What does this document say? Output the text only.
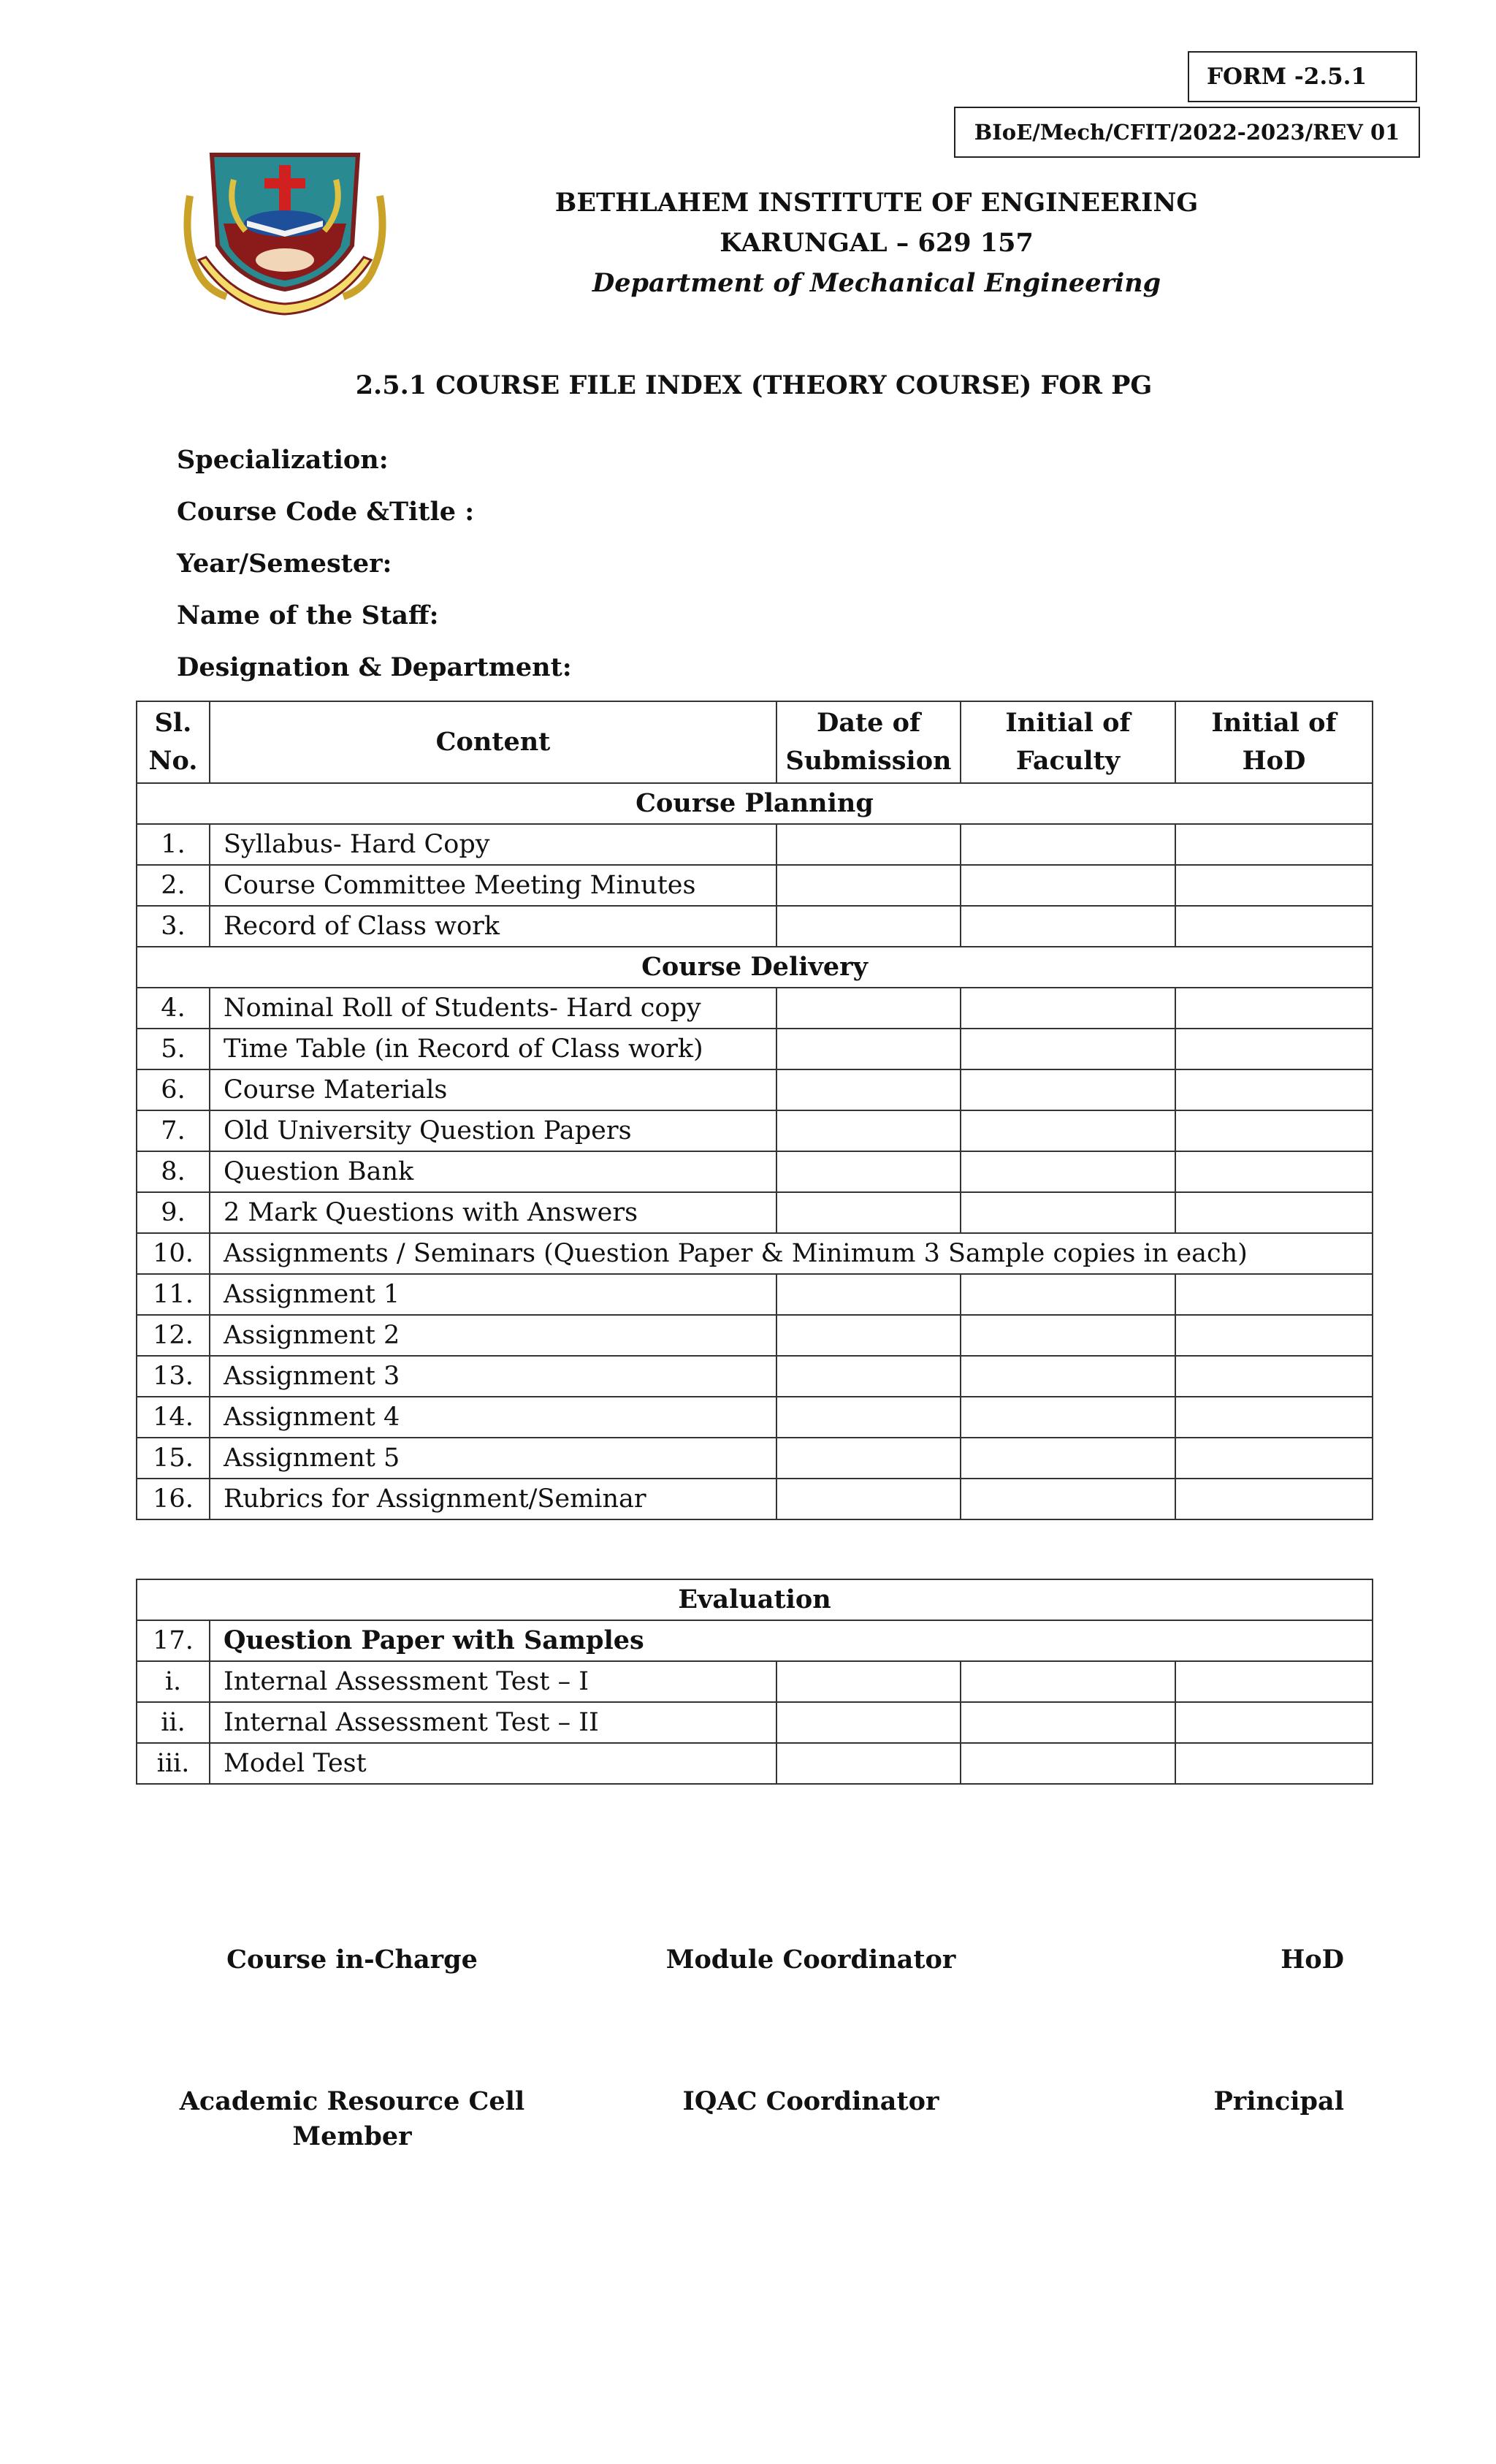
FORM -2.5.1
BIoE/Mech/CFIT/2022-2023/REV 01
BETHLAHEM INSTITUTE OF ENGINEERING
KARUNGAL – 629 157
Department of Mechanical Engineering
2.5.1 COURSE FILE INDEX (THEORY COURSE) FOR PG
Specialization:
Course Code &Title :
Year/Semester:
Name of the Staff:
Designation & Department:
Sl. No.	Content	Date of Submission	Initial of Faculty	Initial of HoD
Course Planning				
1.	Syllabus- Hard Copy			
2.	Course Committee Meeting Minutes			
3.	Record of Class work			
Course Delivery				
4.	Nominal Roll of Students- Hard copy			
5.	Time Table (in Record of Class work)			
6.	Course Materials			
7.	Old University Question Papers			
8.	Question Bank			
9.	2 Mark Questions with Answers			
10.	Assignments / Seminars (Question Paper & Minimum 3 Sample copies in each)			
11.	Assignment 1			
12.	Assignment 2			
13.	Assignment 3			
14.	Assignment 4			
15.	Assignment 5			
16.	Rubrics for Assignment/Seminar			
Evaluation				
17.	Question Paper with Samples			
i.	Internal Assessment Test – I			
ii.	Internal Assessment Test – II			
iii.	Model Test			
Course in-Charge	Module Coordinator	HoD
Academic Resource Cell
Member
IQAC Coordinator	Principal
